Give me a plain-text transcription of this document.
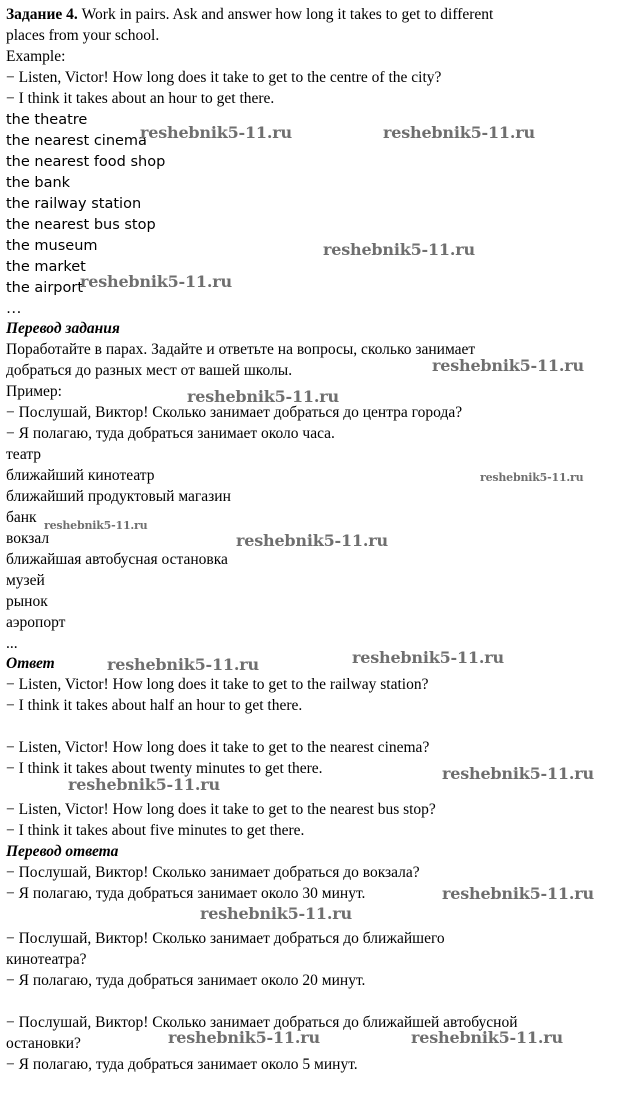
Задание 4. Work in pairs. Ask and answer how long it takes to get to different
places from your school.
Example:
− Listen, Victor! How long does it take to get to the centre of the city?
− I think it takes about an hour to get there.
the theatre
the nearest cinema
the nearest food shop
the bank
the railway station
the nearest bus stop
the museum
the market
the airport
…
Перевод задания
Поработайте в парах. Задайте и ответьте на вопросы, сколько занимает
добраться до разных мест от вашей школы.
Пример:
− Послушай, Виктор! Сколько занимает добраться до центра города?
− Я полагаю, туда добраться занимает около часа.
театр
ближайший кинотеатр
ближайший продуктовый магазин
банк
вокзал
ближайшая автобусная остановка
музей
рынок
аэропорт
...
Ответ
− Listen, Victor! How long does it take to get to the railway station?
− I think it takes about half an hour to get there.
− Listen, Victor! How long does it take to get to the nearest cinema?
− I think it takes about twenty minutes to get there.
− Listen, Victor! How long does it take to get to the nearest bus stop?
− I think it takes about five minutes to get there.
Перевод ответа
− Послушай, Виктор! Сколько занимает добраться до вокзала?
− Я полагаю, туда добраться занимает около 30 минут.
− Послушай, Виктор! Сколько занимает добраться до ближайшего
кинотеатра?
− Я полагаю, туда добраться занимает около 20 минут.
− Послушай, Виктор! Сколько занимает добраться до ближайшей автобусной
остановки?
− Я полагаю, туда добраться занимает около 5 минут.
reshebnik5-11.ru	reshebnik5-11.ru
reshebnik5-11.ru
reshebnik5-11.ru
reshebnik5-11.ru
reshebnik5-11.ru
reshebnik5-11.ru
reshebnik5-11.ru
reshebnik5-11.ru
reshebnik5-11.ru	reshebnik5-11.ru
reshebnik5-11.ru
reshebnik5-11.ru
reshebnik5-11.ru
reshebnik5-11.ru
reshebnik5-11.ru	reshebnik5-11.ru
